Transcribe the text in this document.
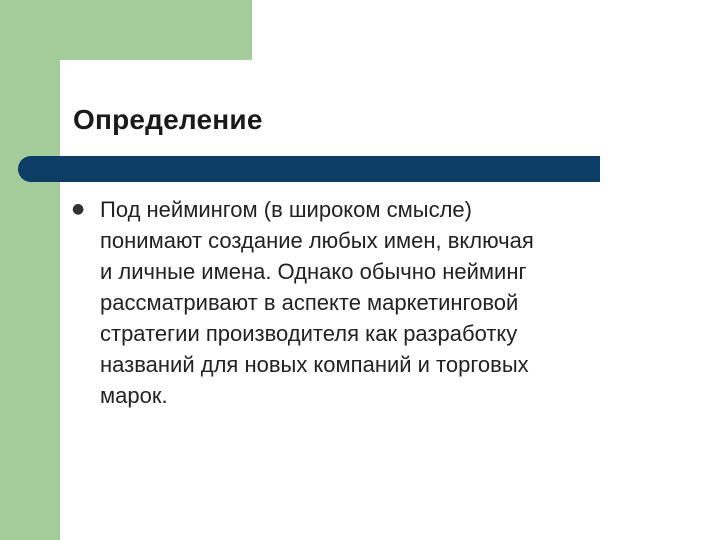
Определение
● Под неймингом (в широком смысле)
понимают создание любых имен, включая
и личные имена. Однако обычно нейминг
рассматривают в аспекте маркетинговой
стратегии производителя как разработку
названий для новых компаний и торговых
марок.
